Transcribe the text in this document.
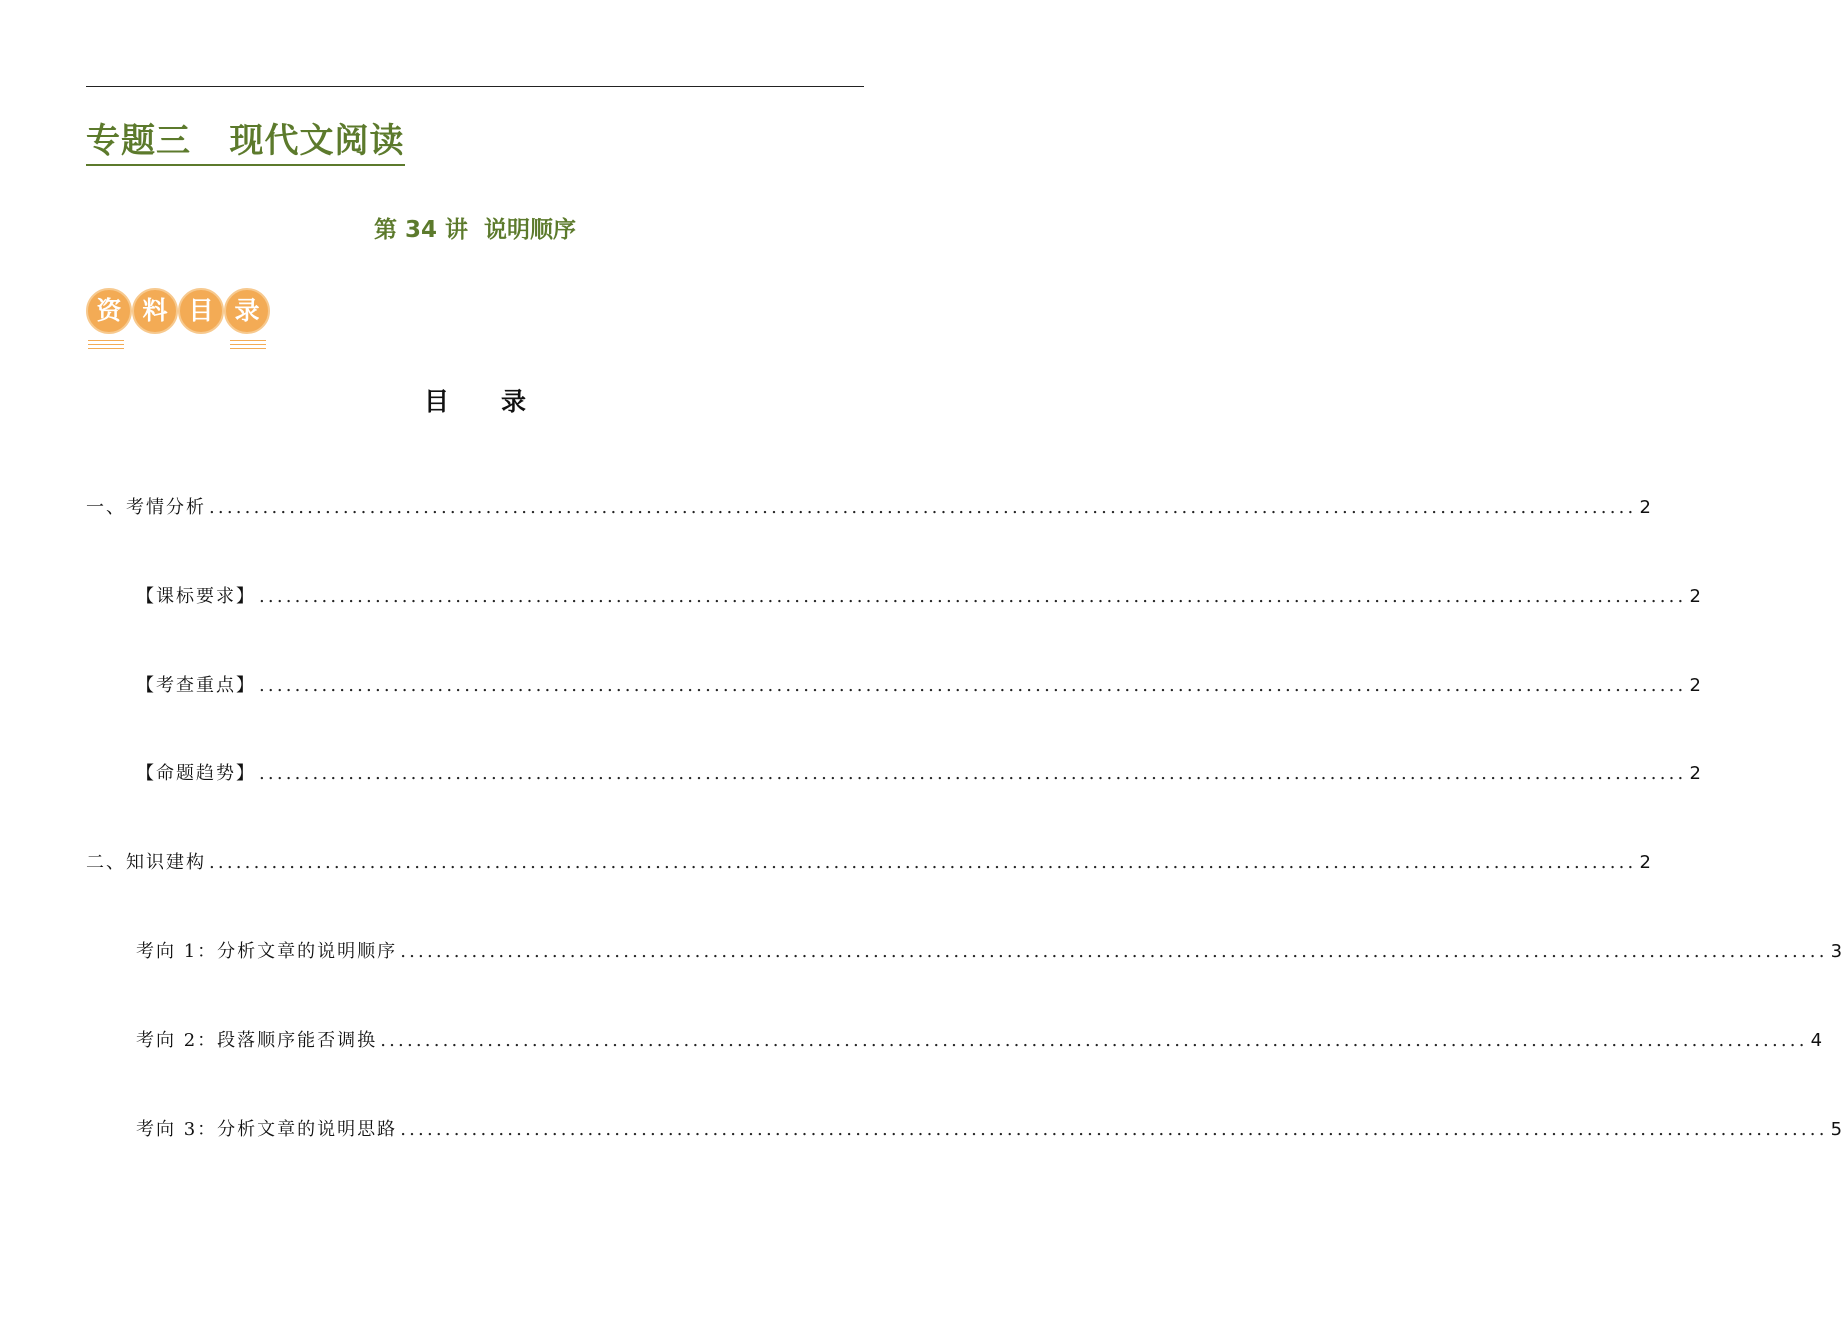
专题三   现代文阅读
第 34 讲  说明顺序
资 料 目 录
目 录
一、考情分析 ................................................................................................................................................................ 2
【课标要求】 ................................................................................................................................................................ 2
【考查重点】 ................................................................................................................................................................ 2
【命题趋势】 ................................................................................................................................................................ 2
二、知识建构 ................................................................................................................................................................ 2
考向 1：分析文章的说明顺序 ................................................................................................................................................................ 3
考向 2：段落顺序能否调换 ................................................................................................................................................................ 4
考向 3：分析文章的说明思路 ................................................................................................................................................................ 5
